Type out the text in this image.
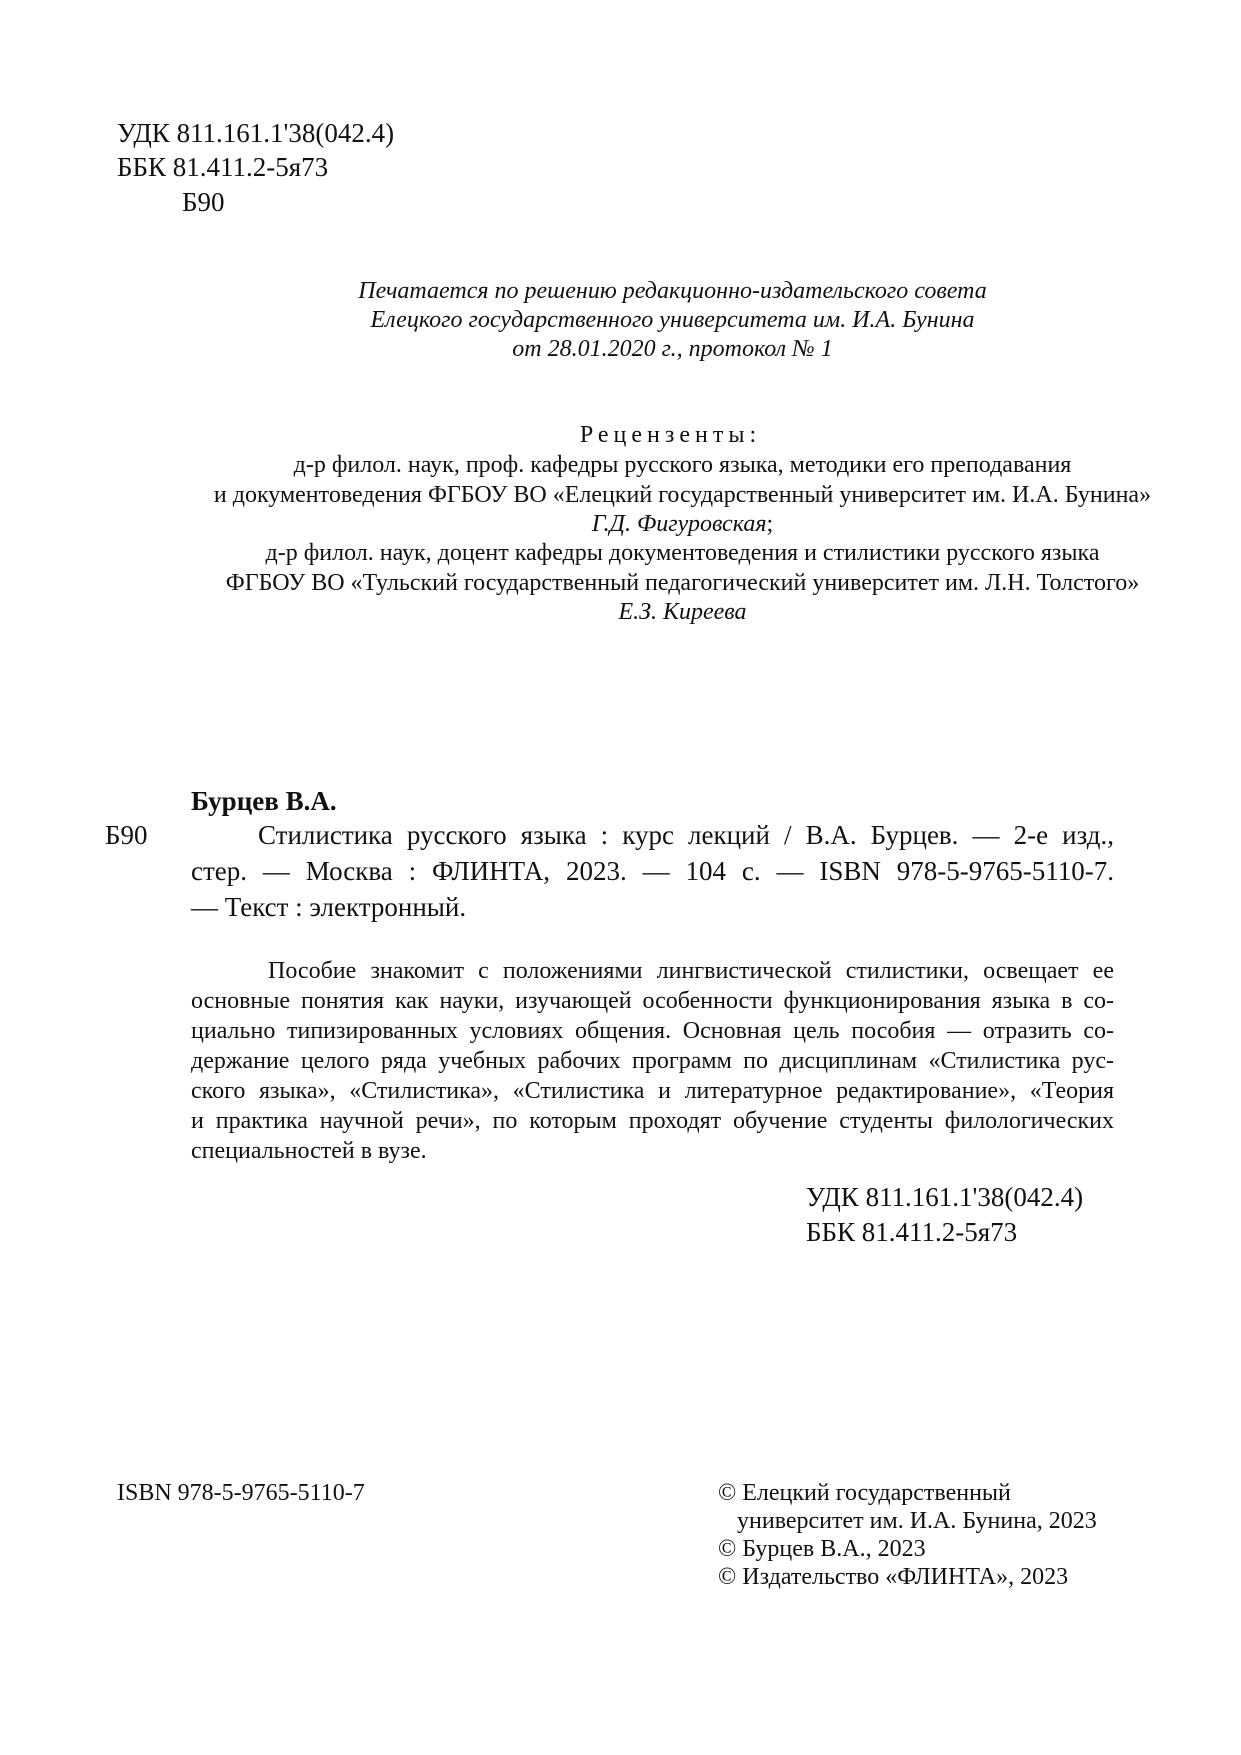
УДК 811.161.1'38(042.4)
ББК 81.411.2-5я73
Б90
Печатается по решению редакционно-издательского совета
Елецкого государственного университета им. И.А. Бунина
от 28.01.2020 г., протокол № 1
Рецензенты:
д-р филол. наук, проф. кафедры русского языка, методики его преподавания
и документоведения ФГБОУ ВО «Елецкий государственный университет им. И.А. Бунина»
Г.Д. Фигуровская;
д-р филол. наук, доцент кафедры документоведения и стилистики русского языка
ФГБОУ ВО «Тульский государственный педагогический университет им. Л.Н. Толстого»
Е.З. Киреева
Бурцев В.А.
Б90	Стилистика русского языка : курс лекций / В.А. Бурцев. — 2-е изд.,
стер. — Москва : ФЛИНТА, 2023. — 104 с. — ISBN 978-5-9765-5110-7.
— Текст : электронный.
Пособие знакомит с положениями лингвистической стилистики, освещает ее
основные понятия как науки, изучающей особенности функционирования языка в со-
циально типизированных условиях общения. Основная цель пособия — отразить со-
держание целого ряда учебных рабочих программ по дисциплинам «Стилистика рус-
ского языка», «Стилистика», «Стилистика и литературное редактирование», «Теория
и практика научной речи», по которым проходят обучение студенты филологических
специальностей в вузе.
УДК 811.161.1'38(042.4)
ББК 81.411.2-5я73
ISBN 978-5-9765-5110-7	© Елецкий государственный
университет им. И.А. Бунина, 2023
© Бурцев В.А., 2023
© Издательство «ФЛИНТА», 2023
